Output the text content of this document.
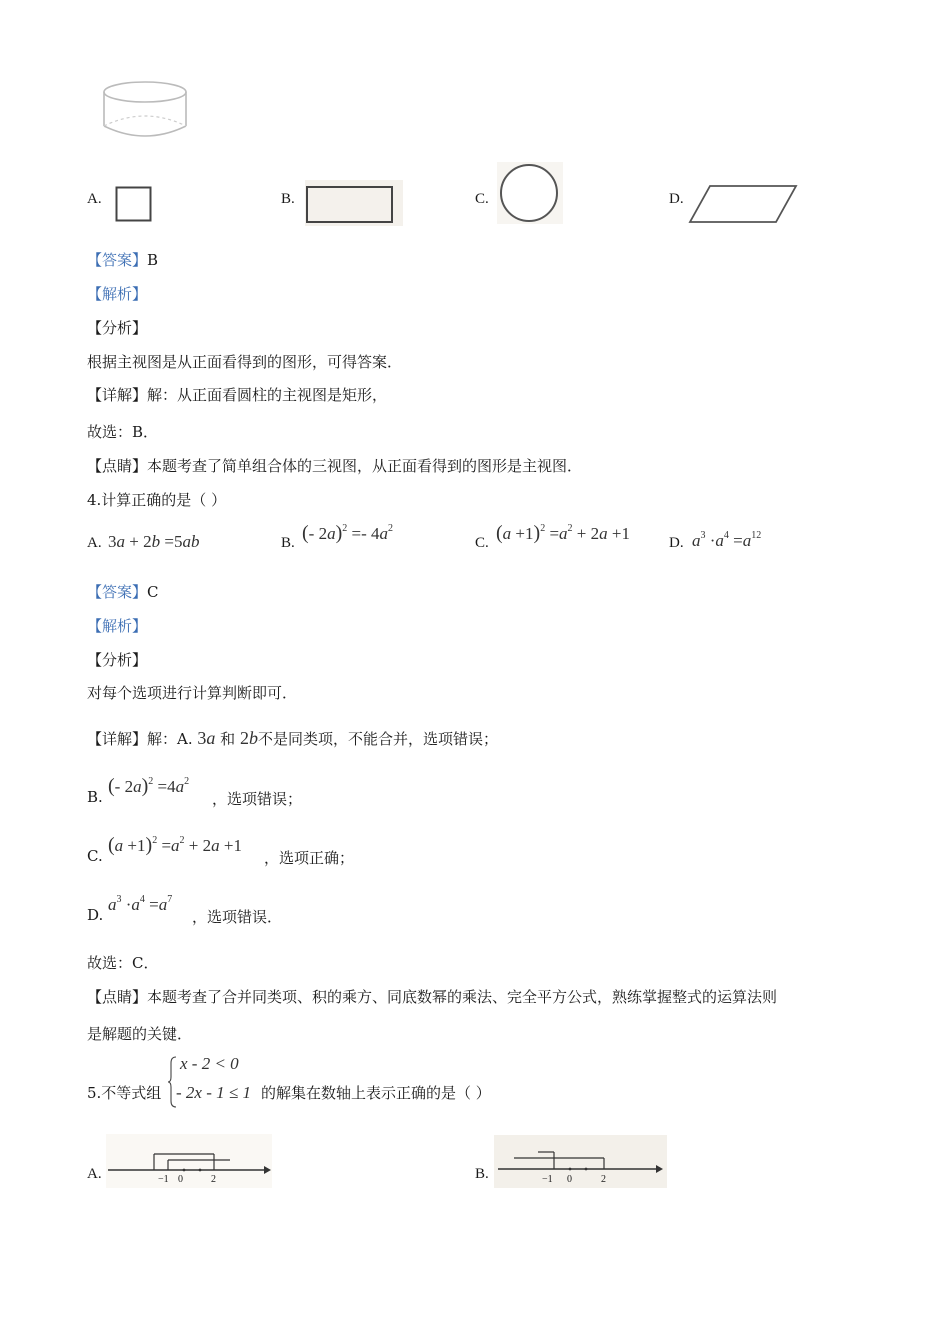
A.	B.	C.	D.
【答案】B
【解析】
【分析】
根据主视图是从正面看得到的图形，可得答案．
【详解】解：从正面看圆柱的主视图是矩形，
故选：B．
【点睛】本题考查了简单组合体的三视图，从正面看得到的图形是主视图．
4.计算正确的是（ ）
A. 3a + 2b =5ab	B. (- $2a)^2 =- 4a^2$
C. $(a +1)^2 =a^2 + 2a +1$	D. $a^3 \cdot a^4 =a^{12}$
【答案】C
【解析】
【分析】
对每个选项进行计算判断即可．
【详解】解：A. 3a 和 2b不是同类项，不能合并，选项错误；
B. (- $2a)^2 =4a^2$
，选项错误；
C. $(a +1)^2 =a^2 + 2a +1$
，选项正确；
D.
$a^3 \cdot a^4 =a^7$
，选项错误．
故选：C．
【点睛】本题考查了合并同类项、积的乘方、同底数幂的乘法、完全平方公式，熟练掌握整式的运算法则
是解题的关键．
5.不等式组
x - 2 < 0
- 2x - 1 ≤ 1 的解集在数轴上表示正确的是（ ）
A.	−1 0	2	B.	−1 0	2
